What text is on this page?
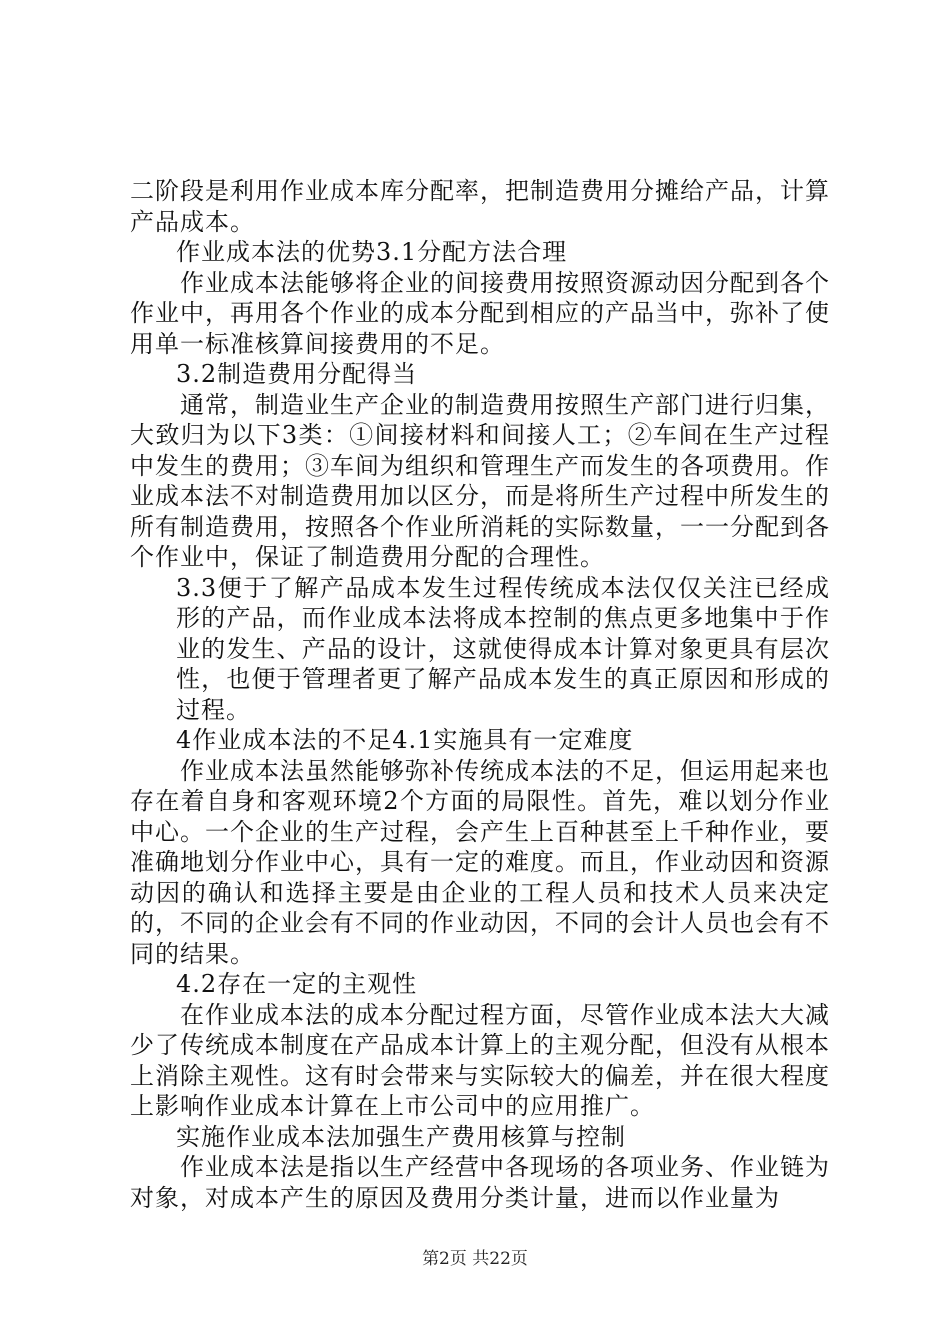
二阶段是利用作业成本库分配率，把制造费用分摊给产品，计算产品成本。

作业成本法的优势3.1分配方法合理

作业成本法能够将企业的间接费用按照资源动因分配到各个作业中，再用各个作业的成本分配到相应的产品当中，弥补了使用单一标准核算间接费用的不足。

3.2制造费用分配得当

通常，制造业生产企业的制造费用按照生产部门进行归集，大致归为以下3类：①间接材料和间接人工；②车间在生产过程中发生的费用；③车间为组织和管理生产而发生的各项费用。作业成本法不对制造费用加以区分，而是将所生产过程中所发生的所有制造费用，按照各个作业所消耗的实际数量，一一分配到各个作业中，保证了制造费用分配的合理性。

3.3便于了解产品成本发生过程传统成本法仅仅关注已经成形的产品，而作业成本法将成本控制的焦点更多地集中于作业的发生、产品的设计，这就使得成本计算对象更具有层次性，也便于管理者更了解产品成本发生的真正原因和形成的过程。

4作业成本法的不足4.1实施具有一定难度

作业成本法虽然能够弥补传统成本法的不足，但运用起来也存在着自身和客观环境2个方面的局限性。首先，难以划分作业中心。一个企业的生产过程，会产生上百种甚至上千种作业，要准确地划分作业中心，具有一定的难度。而且，作业动因和资源动因的确认和选择主要是由企业的工程人员和技术人员来决定的，不同的企业会有不同的作业动因，不同的会计人员也会有不同的结果。

4.2存在一定的主观性

在作业成本法的成本分配过程方面，尽管作业成本法大大减少了传统成本制度在产品成本计算上的主观分配，但没有从根本上消除主观性。这有时会带来与实际较大的偏差，并在很大程度上影响作业成本计算在上市公司中的应用推广。

实施作业成本法加强生产费用核算与控制

作业成本法是指以生产经营中各现场的各项业务、作业链为对象，对成本产生的原因及费用分类计量，进而以作业量为

第2页 共22页
